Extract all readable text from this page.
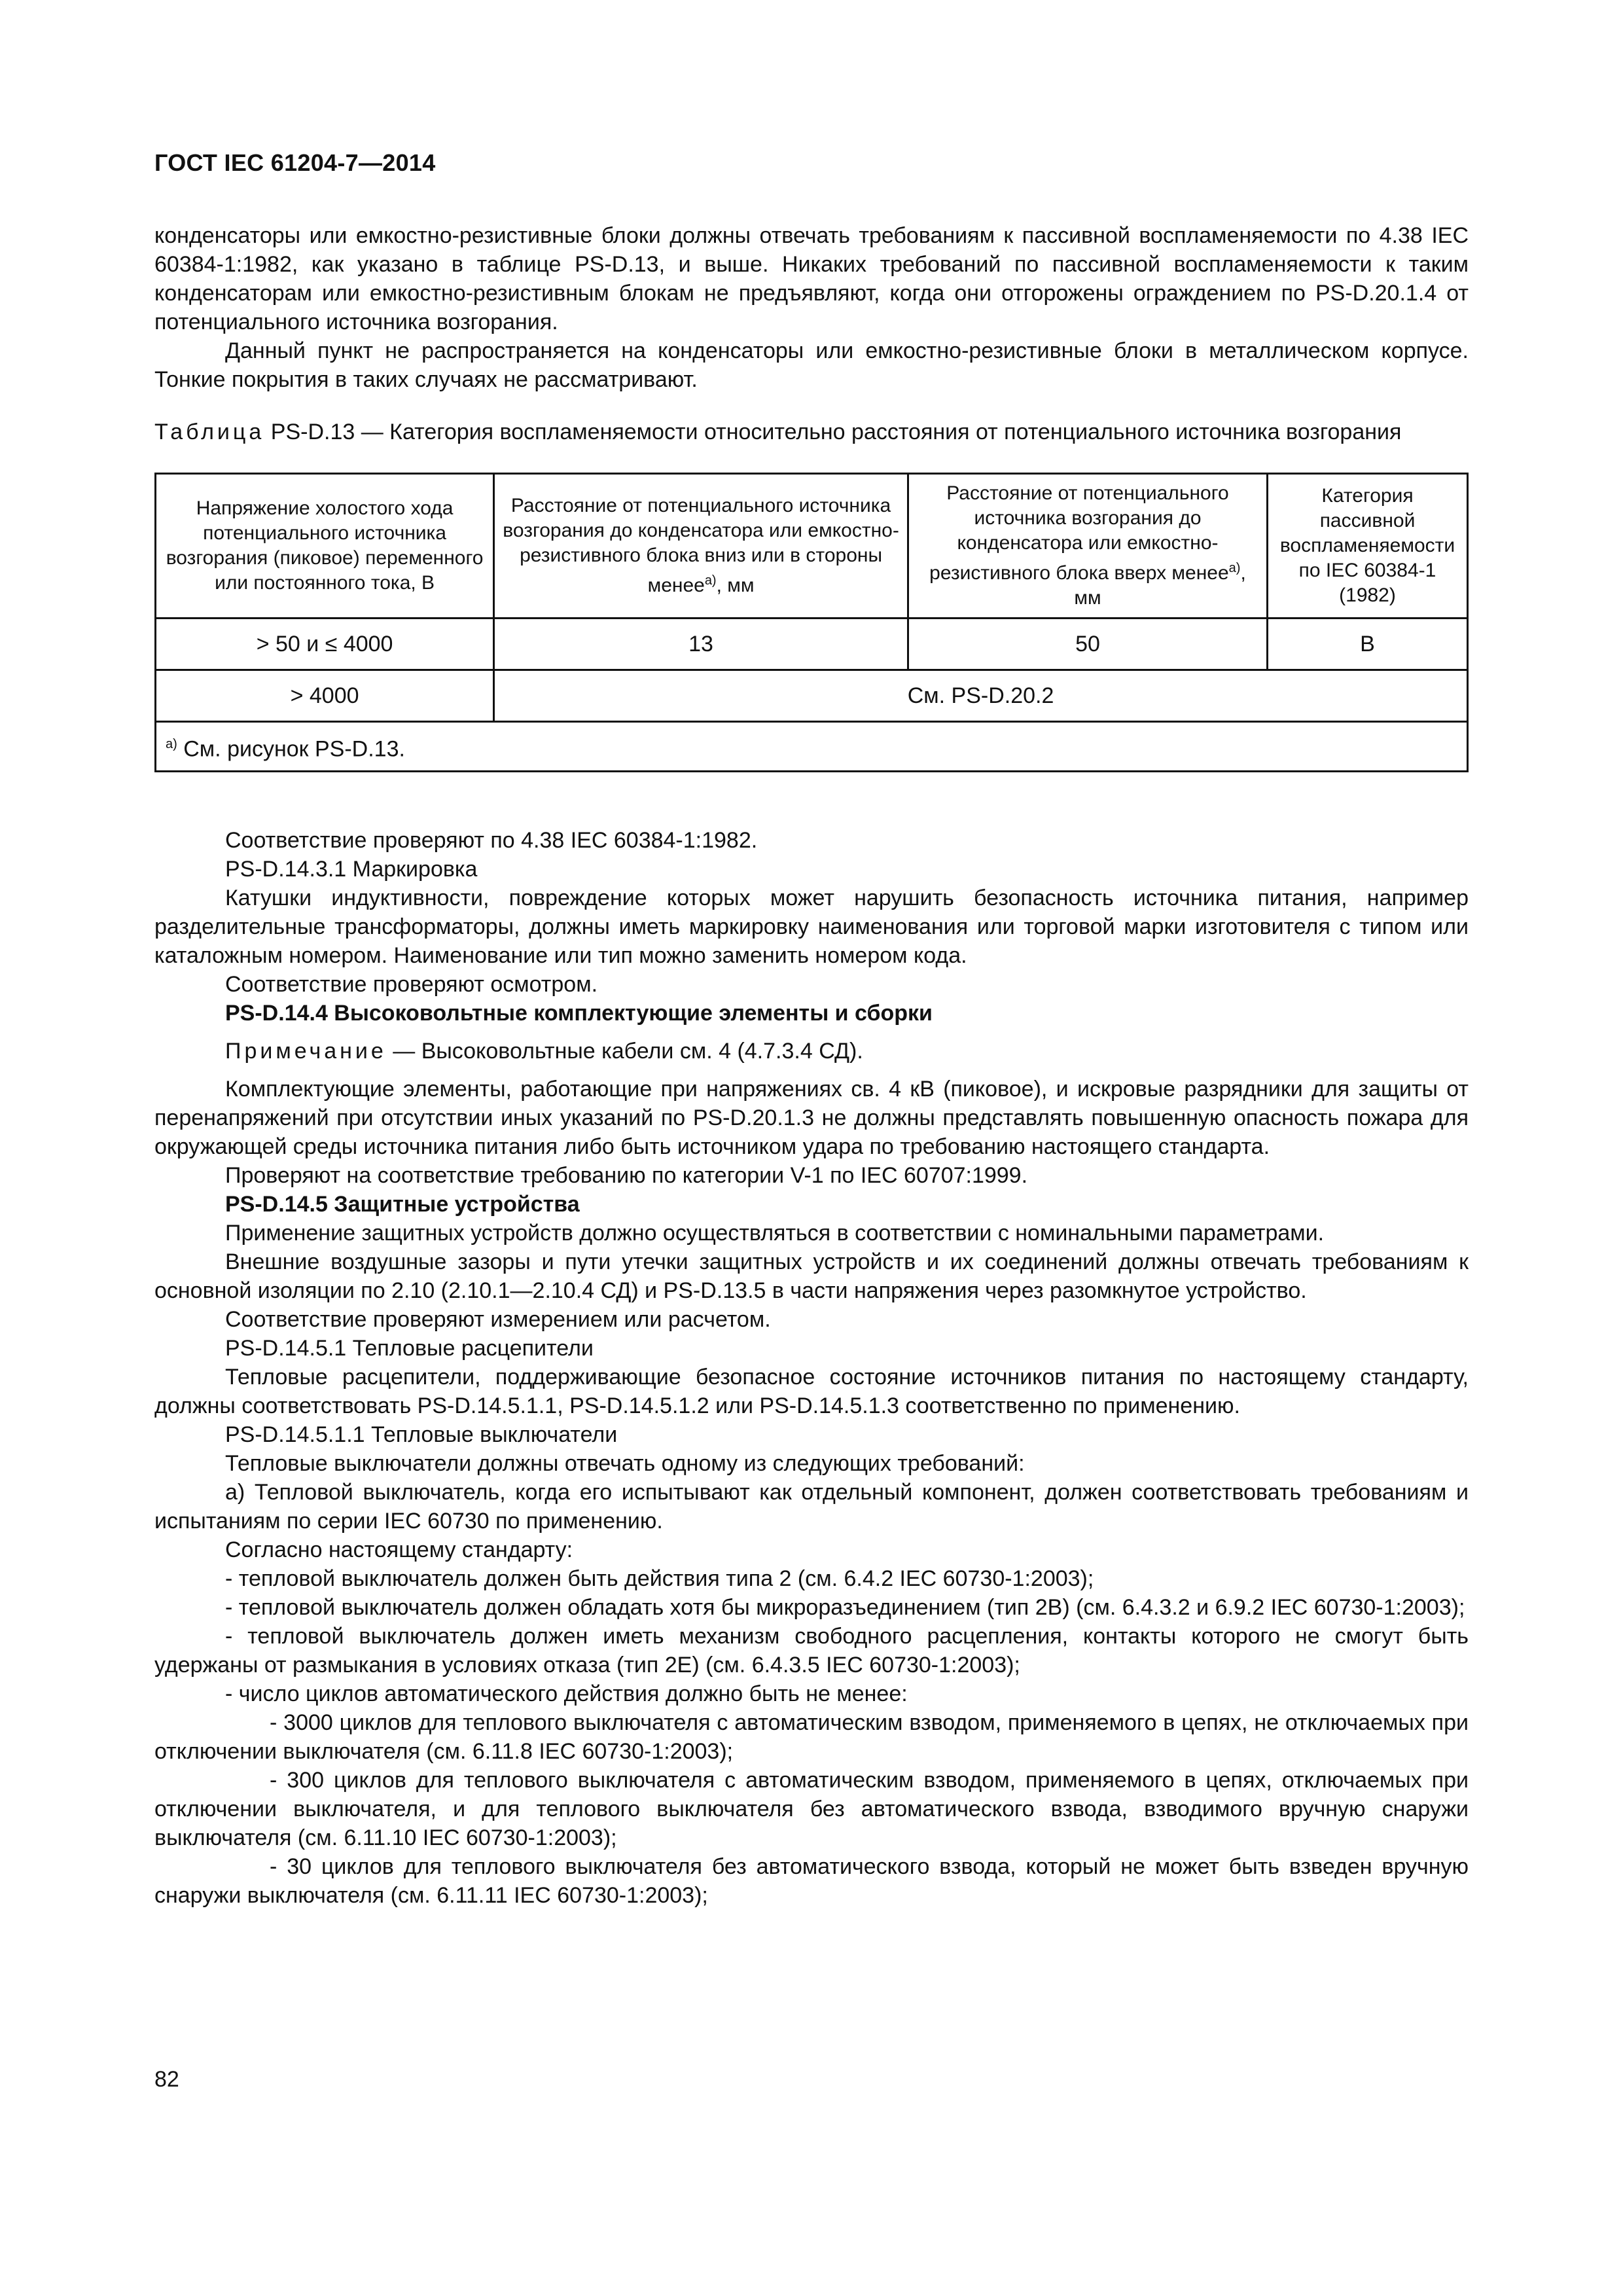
ГОСТ IEC 61204-7—2014

конденсаторы или емкостно-резистивные блоки должны отвечать требованиям к пассивной воспламеняемости по 4.38 IEC 60384-1:1982, как указано в таблице PS-D.13, и выше. Никаких требований по пассивной воспламеняемости к таким конденсаторам или емкостно-резистивным блокам не предъявляют, когда они отгорожены ограждением по PS-D.20.1.4 от потенциального источника возгорания.

Данный пункт не распространяется на конденсаторы или емкостно-резистивные блоки в металлическом корпусе. Тонкие покрытия в таких случаях не рассматривают.

Таблица PS-D.13 — Категория воспламеняемости относительно расстояния от потенциального источника возгорания

Напряжение холостого хода потенциального источника возгорания (пиковое) переменного или постоянного тока, В	Расстояние от потенциального источника возгорания до конденсатора или емкостно-резистивного блока вниз или в стороны менее$^{а)}$, мм	Расстояние от потенциального источника возгорания до конденсатора или емкостно-резистивного блока вверх менее$^{а)}$, мм	Категория пассивной воспламеняемости по IEC 60384-1 (1982)
> 50 и ≤ 4000	13	50	B
> 4000	См. PS-D.20.2		
$^{а)}$ См. рисунок PS-D.13.			

Соответствие проверяют по 4.38 IEC 60384-1:1982.

PS-D.14.3.1 Маркировка

Катушки индуктивности, повреждение которых может нарушить безопасность источника питания, например разделительные трансформаторы, должны иметь маркировку наименования или торговой марки изготовителя с типом или каталожным номером. Наименование или тип можно заменить номером кода.

Соответствие проверяют осмотром.

PS-D.14.4 Высоковольтные комплектующие элементы и сборки

Примечание — Высоковольтные кабели см. 4 (4.7.3.4 СД).

Комплектующие элементы, работающие при напряжениях св. 4 кВ (пиковое), и искровые разрядники для защиты от перенапряжений при отсутствии иных указаний по PS-D.20.1.3 не должны представлять повышенную опасность пожара для окружающей среды источника питания либо быть источником удара по требованию настоящего стандарта.

Проверяют на соответствие требованию по категории V-1 по IEC 60707:1999.

PS-D.14.5 Защитные устройства

Применение защитных устройств должно осуществляться в соответствии с номинальными параметрами.

Внешние воздушные зазоры и пути утечки защитных устройств и их соединений должны отвечать требованиям к основной изоляции по 2.10 (2.10.1—2.10.4 СД) и PS-D.13.5 в части напряжения через разомкнутое устройство.

Соответствие проверяют измерением или расчетом.

PS-D.14.5.1 Тепловые расцепители

Тепловые расцепители, поддерживающие безопасное состояние источников питания по настоящему стандарту, должны соответствовать PS-D.14.5.1.1, PS-D.14.5.1.2 или PS-D.14.5.1.3 соответственно по применению.

PS-D.14.5.1.1 Тепловые выключатели

Тепловые выключатели должны отвечать одному из следующих требований:

а) Тепловой выключатель, когда его испытывают как отдельный компонент, должен соответствовать требованиям и испытаниям по серии IEC 60730 по применению.

Согласно настоящему стандарту:

- тепловой выключатель должен быть действия типа 2 (см. 6.4.2 IEC 60730-1:2003);

- тепловой выключатель должен обладать хотя бы микроразъединением (тип 2B) (см. 6.4.3.2 и 6.9.2 IEC 60730-1:2003);

- тепловой выключатель должен иметь механизм свободного расцепления, контакты которого не смогут быть удержаны от размыкания в условиях отказа (тип 2E) (см. 6.4.3.5 IEC 60730-1:2003);

- число циклов автоматического действия должно быть не менее:

- 3000 циклов для теплового выключателя с автоматическим взводом, применяемого в цепях, не отключаемых при отключении выключателя (см. 6.11.8 IEC 60730-1:2003);

- 300 циклов для теплового выключателя с автоматическим взводом, применяемого в цепях, отключаемых при отключении выключателя, и для теплового выключателя без автоматического взвода, взводимого вручную снаружи выключателя (см. 6.11.10 IEC 60730-1:2003);

- 30 циклов для теплового выключателя без автоматического взвода, который не может быть взведен вручную снаружи выключателя (см. 6.11.11 IEC 60730-1:2003);

82
